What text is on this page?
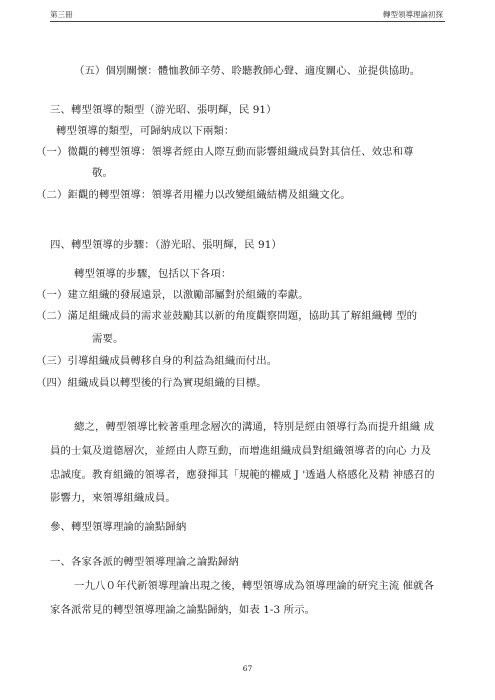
第三冊	轉型領導理論初探
（五）個別關懷：體恤教師辛勞、聆聽教師心聲、適度關心、並提供協助。
三、轉型領導的類型（游光昭、張明輝，民 91）
轉型領導的類型，可歸納成以下兩類：
（一）微觀的轉型領導：領導者經由人際互動而影響組織成員對其信任、效忠和尊
敬。
（二）鉅觀的轉型領導：領導者用權力以改變組織結構及組織文化。
四、轉型領導的步驟：（游光昭、張明輝，民 91）
轉型領導的步驟，包括以下各項：
（一）建立組織的發展遠景，以激勵部屬對於組織的奉獻。
（二）滿足組織成員的需求並鼓勵其以新的角度觀察問題，協助其了解組織轉 型的
需要。
（三）引導組織成員轉移自身的利益為組織而付出。
（四）組織成員以轉型後的行為實現組織的目標。
總之，轉型領導比較著重理念層次的溝通，特別是經由領導行為而提升組織 成
員的士氣及道德層次，並經由人際互動，而增進組織成員對組織領導者的向心 力及
忠誠度。教育組織的領導者，應發揮其「規範的權威 J '透過人格感化及精 神感召的
影響力，來領導組織成員。
參、轉型領導理論的論點歸納
一、各家各派的轉型領導理論之論點歸納
一九八０年代新領導理論出現之後，轉型領導成為領導理論的研究主流 催就各
家各派常見的轉型領導理論之論點歸納，如表 1-3 所示。
67
